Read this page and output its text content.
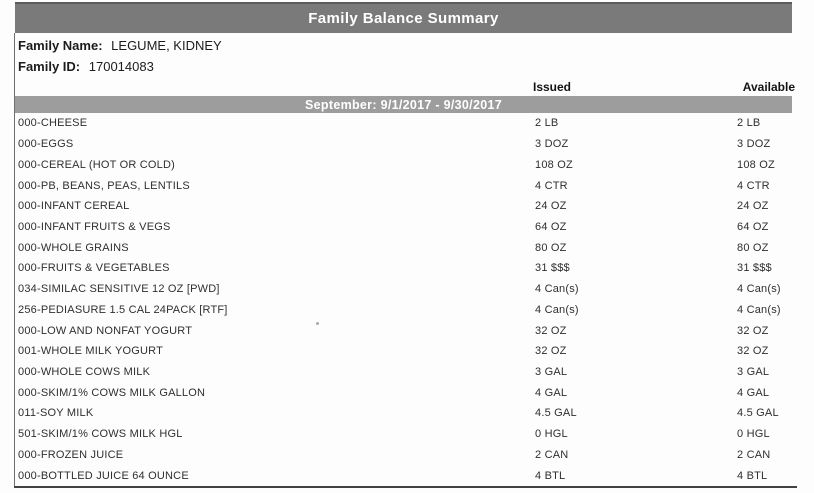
Family Balance Summary
Family Name: LEGUME, KIDNEY
Family ID: 170014083
Issued	Available
September: 9/1/2017 - 9/30/2017
000-CHEESE	2 LB	2 LB
000-EGGS	3 DOZ	3 DOZ
000-CEREAL (HOT OR COLD)	108 OZ	108 OZ
000-PB, BEANS, PEAS, LENTILS	4 CTR	4 CTR
000-INFANT CEREAL	24 OZ	24 OZ
000-INFANT FRUITS & VEGS	64 OZ	64 OZ
000-WHOLE GRAINS	80 OZ	80 OZ
000-FRUITS & VEGETABLES	31 $$$	31 $$$
034-SIMILAC SENSITIVE 12 OZ [PWD]	4 Can(s)	4 Can(s)
256-PEDIASURE 1.5 CAL 24PACK [RTF]	4 Can(s)	4 Can(s)
000-LOW AND NONFAT YOGURT	32 OZ	32 OZ
001-WHOLE MILK YOGURT	32 OZ	32 OZ
000-WHOLE COWS MILK	3 GAL	3 GAL
000-SKIM/1% COWS MILK GALLON	4 GAL	4 GAL
011-SOY MILK	4.5 GAL	4.5 GAL
501-SKIM/1% COWS MILK HGL	0 HGL	0 HGL
000-FROZEN JUICE	2 CAN	2 CAN
000-BOTTLED JUICE 64 OUNCE	4 BTL	4 BTL
